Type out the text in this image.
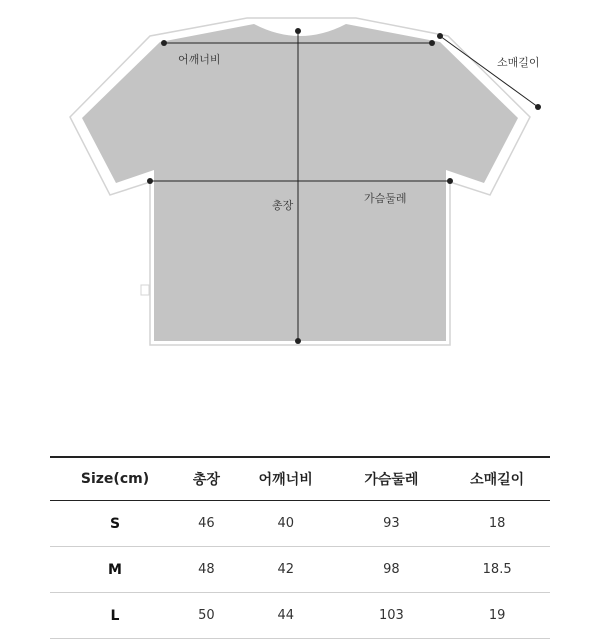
어깨너비	소매길이
총장
가슴둘레
Size(cm)	총장	어깨너비	가슴둘레	소매길이
S	46	40	93	18
M	48	42	98	18.5
L	50	44	103	19
